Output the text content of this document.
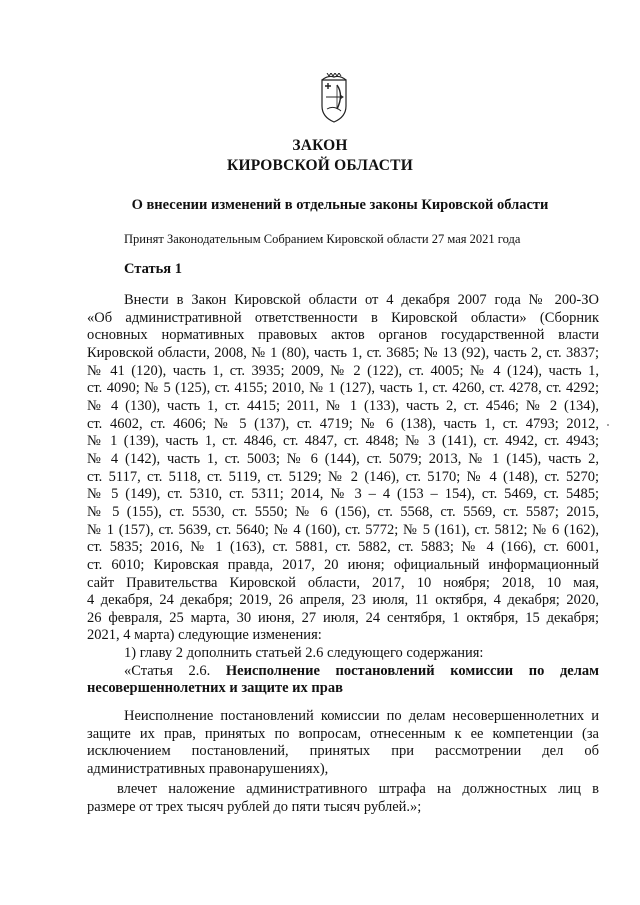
ЗАКОН
КИРОВСКОЙ ОБЛАСТИ
О внесении изменений в отдельные законы Кировской области
Принят Законодательным Собранием Кировской области 27 мая 2021 года
Статья 1

Внести в Закон Кировской области от 4 декабря 2007 года № 200-ЗО

«Об административной ответственности в Кировской области» (Сборник

основных нормативных правовых актов органов государственной власти

Кировской области, 2008, № 1 (80), часть 1, ст. 3685; № 13 (92), часть 2, ст. 3837;

№ 41 (120), часть 1, ст. 3935; 2009, № 2 (122), ст. 4005; № 4 (124), часть 1,

ст. 4090; № 5 (125), ст. 4155; 2010, № 1 (127), часть 1, ст. 4260, ст. 4278, ст. 4292;

№ 4 (130), часть 1, ст. 4415; 2011, № 1 (133), часть 2, ст. 4546; № 2 (134),

ст. 4602, ст. 4606; № 5 (137), ст. 4719; № 6 (138), часть 1, ст. 4793; 2012,

№ 1 (139), часть 1, ст. 4846, ст. 4847, ст. 4848; № 3 (141), ст. 4942, ст. 4943;

№ 4 (142), часть 1, ст. 5003; № 6 (144), ст. 5079; 2013, № 1 (145), часть 2,

ст. 5117, ст. 5118, ст. 5119, ст. 5129; № 2 (146), ст. 5170; № 4 (148), ст. 5270;

№ 5 (149), ст. 5310, ст. 5311; 2014, № 3 – 4 (153 – 154), ст. 5469, ст. 5485;

№ 5 (155), ст. 5530, ст. 5550; № 6 (156), ст. 5568, ст. 5569, ст. 5587; 2015,

№ 1 (157), ст. 5639, ст. 5640; № 4 (160), ст. 5772; № 5 (161), ст. 5812; № 6 (162),

ст. 5835; 2016, № 1 (163), ст. 5881, ст. 5882, ст. 5883; № 4 (166), ст. 6001,

ст. 6010; Кировская правда, 2017, 20 июня; официальный информационный

сайт Правительства Кировской области, 2017, 10 ноября; 2018, 10 мая,

4 декабря, 24 декабря; 2019, 26 апреля, 23 июля, 11 октября, 4 декабря; 2020,

26 февраля, 25 марта, 30 июня, 27 июля, 24 сентября, 1 октября, 15 декабря;

2021, 4 марта) следующие изменения:

1) главу 2 дополнить статьей 2.6 следующего содержания:

«Статья 2.6. Неисполнение постановлений комиссии по делам

несовершеннолетних и защите их прав

Неисполнение постановлений комиссии по делам несовершеннолетних и

защите их прав, принятых по вопросам, отнесенным к ее компетенции (за

исключением постановлений, принятых при рассмотрении дел об

административных правонарушениях),

влечет наложение административного штрафа на должностных лиц в

размере от трех тысяч рублей до пяти тысяч рублей.»;
